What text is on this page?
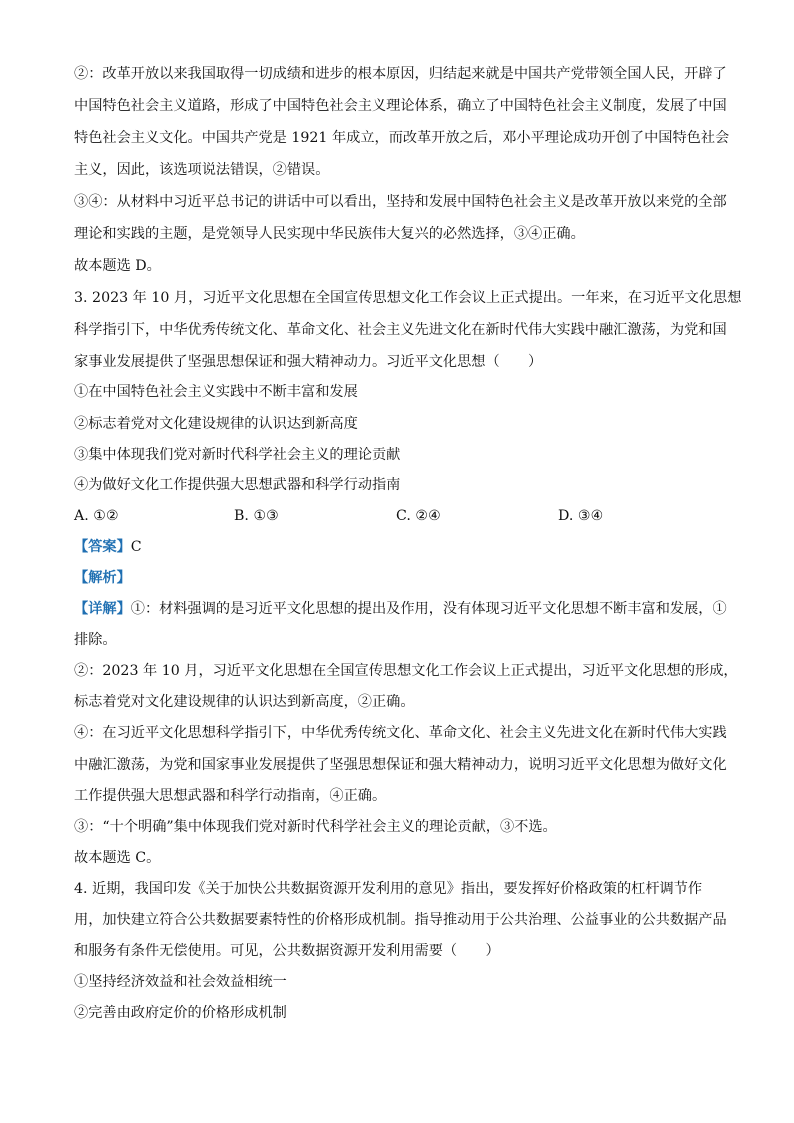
②：改革开放以来我国取得一切成绩和进步的根本原因，归结起来就是中国共产党带领全国人民，开辟了
中国特色社会主义道路，形成了中国特色社会主义理论体系，确立了中国特色社会主义制度，发展了中国
特色社会主义文化。中国共产党是 1921 年成立，而改革开放之后，邓小平理论成功开创了中国特色社会
主义，因此，该选项说法错误，②错误。
③④：从材料中习近平总书记的讲话中可以看出，坚持和发展中国特色社会主义是改革开放以来党的全部
理论和实践的主题，是党领导人民实现中华民族伟大复兴的必然选择，③④正确。
故本题选 D。
3. 2023 年 10 月，习近平文化思想在全国宣传思想文化工作会议上正式提出。一年来，在习近平文化思想
科学指引下，中华优秀传统文化、革命文化、社会主义先进文化在新时代伟大实践中融汇激荡，为党和国
家事业发展提供了坚强思想保证和强大精神动力。习近平文化思想（　　）
①在中国特色社会主义实践中不断丰富和发展
②标志着党对文化建设规律的认识达到新高度
③集中体现我们党对新时代科学社会主义的理论贡献
④为做好文化工作提供强大思想武器和科学行动指南
A. ①②	B. ①③	C. ②④	D. ③④
【答案】C
【解析】
【详解】①：材料强调的是习近平文化思想的提出及作用，没有体现习近平文化思想不断丰富和发展，①
排除。
②：2023 年 10 月，习近平文化思想在全国宣传思想文化工作会议上正式提出，习近平文化思想的形成，
标志着党对文化建设规律的认识达到新高度，②正确。
④：在习近平文化思想科学指引下，中华优秀传统文化、革命文化、社会主义先进文化在新时代伟大实践
中融汇激荡，为党和国家事业发展提供了坚强思想保证和强大精神动力，说明习近平文化思想为做好文化
工作提供强大思想武器和科学行动指南，④正确。
③：“十个明确”集中体现我们党对新时代科学社会主义的理论贡献，③不选。
故本题选 C。
4. 近期，我国印发《关于加快公共数据资源开发利用的意见》指出，要发挥好价格政策的杠杆调节作
用，加快建立符合公共数据要素特性的价格形成机制。指导推动用于公共治理、公益事业的公共数据产品
和服务有条件无偿使用。可见，公共数据资源开发利用需要（　　）
①坚持经济效益和社会效益相统一
②完善由政府定价的价格形成机制
